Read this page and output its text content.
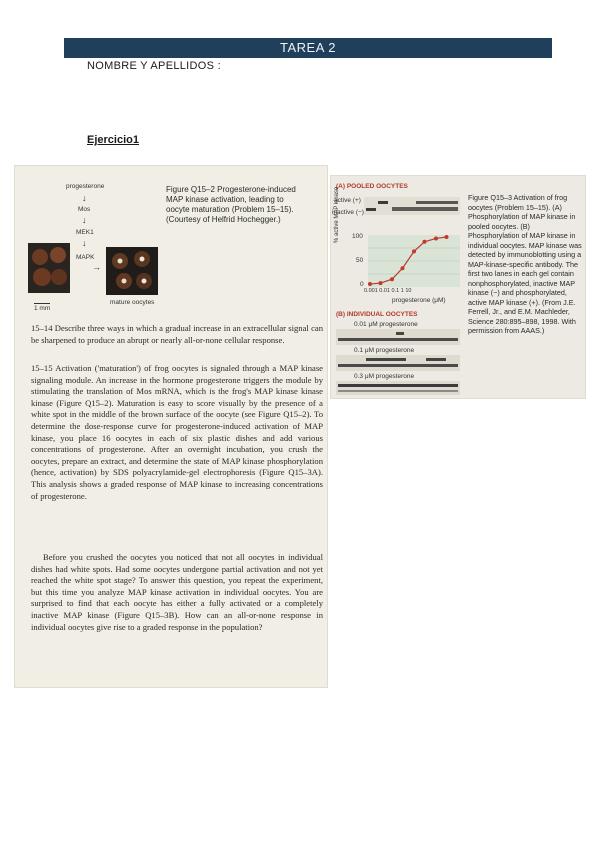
TAREA 2
NOMBRE Y APELLIDOS :
Ejercicio1
progesterone
↓
Mos
↓
MEK1
↓
MAPK
→
1 mm
mature oocytes
Figure Q15–2 Progesterone-induced MAP kinase activation, leading to oocyte maturation (Problem 15–15). (Courtesy of Helfrid Hochegger.)
15–14 Describe three ways in which a gradual increase in an extracellular signal can be sharpened to produce an abrupt or nearly all-or-none cellular response.
15–15 Activation ('maturation') of frog oocytes is signaled through a MAP kinase signaling module. An increase in the hormone progesterone triggers the module by stimulating the translation of Mos mRNA, which is the frog's MAP kinase kinase kinase (Figure Q15–2). Maturation is easy to score visually by the presence of a white spot in the middle of the brown surface of the oocyte (see Figure Q15–2). To determine the dose-response curve for progesterone-induced activation of MAP kinase, you place 16 oocytes in each of six plastic dishes and add various concentrations of progesterone. After an overnight incubation, you crush the oocytes, prepare an extract, and determine the state of MAP kinase phosphorylation (hence, activation) by SDS polyacrylamide-gel electrophoresis (Figure Q15–3A). This analysis shows a graded response of MAP kinase to increasing concentrations of progesterone.
Before you crushed the oocytes you noticed that not all oocytes in individual dishes had white spots. Had some oocytes undergone partial activation and not yet reached the white spot stage? To answer this question, you repeat the experiment, but this time you analyze MAP kinase activation in individual oocytes. You are surprised to find that each oocyte has either a fully activated or a completely inactive MAP kinase (Figure Q15–3B). How can an all-or-none response in individual oocytes give rise to a graded response in the population?
(A) POOLED OOCYTES
active (+)
inactive (−)
% active MAP kinase 100
50
0
0.001 0.01 0.1 1 10
progesterone (μM)
(B) INDIVIDUAL OOCYTES
0.01 μM progesterone
0.1 μM progesterone
0.3 μM progesterone
Figure Q15–3 Activation of frog oocytes (Problem 15–15). (A) Phosphorylation of MAP kinase in pooled oocytes. (B) Phosphorylation of MAP kinase in individual oocytes. MAP kinase was detected by immunoblotting using a MAP-kinase-specific antibody. The first two lanes in each gel contain nonphosphorylated, inactive MAP kinase (−) and phosphorylated, active MAP kinase (+). (From J.E. Ferrell, Jr., and E.M. Machleder, Science 280:895–898, 1998. With permission from AAAS.)
